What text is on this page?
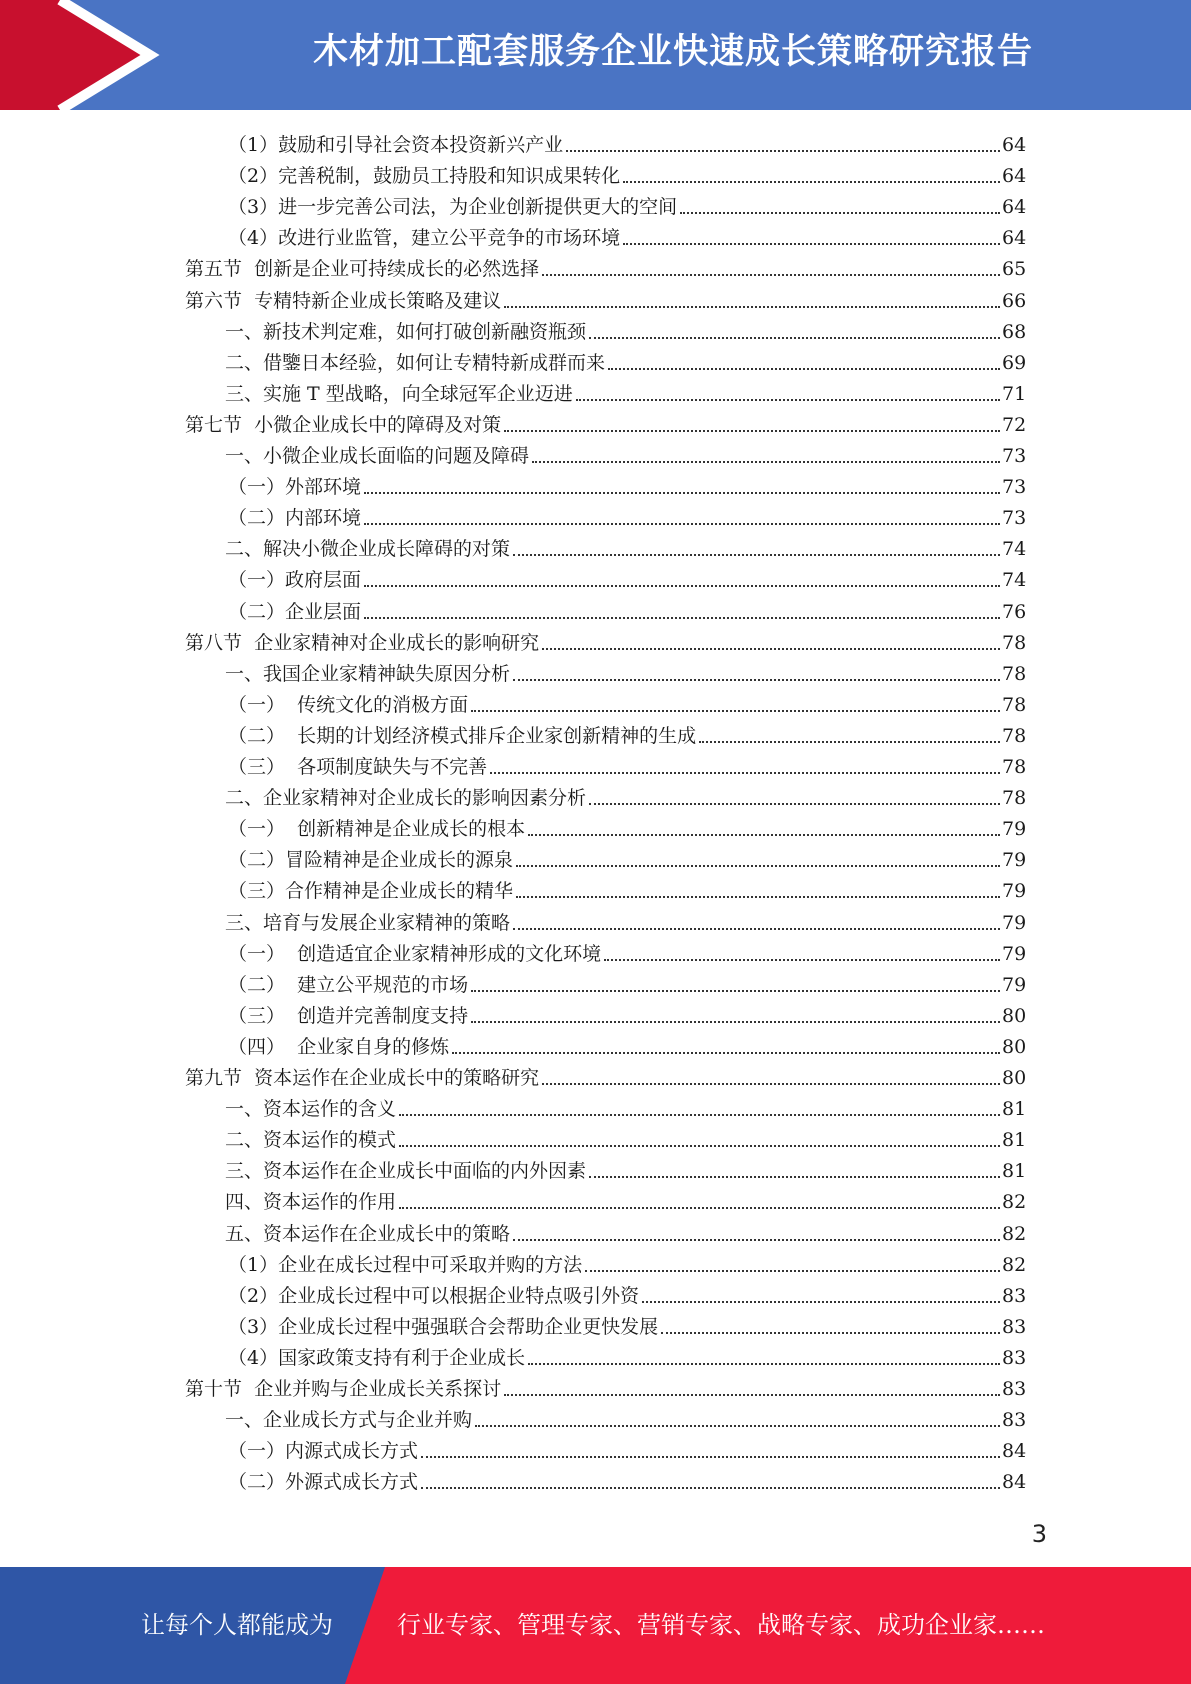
木材加工配套服务企业快速成长策略研究报告
（1）鼓励和引导社会资本投资新兴产业	64
（2）完善税制，鼓励员工持股和知识成果转化	64
（3）进一步完善公司法，为企业创新提供更大的空间	64
（4）改进行业监管，建立公平竞争的市场环境	64
第五节  创新是企业可持续成长的必然选择	65
第六节  专精特新企业成长策略及建议	66
一、新技术判定难，如何打破创新融资瓶颈	68
二、借鑒日本经验，如何让专精特新成群而来	69
三、实施 T 型战略，向全球冠军企业迈进	71
第七节  小微企业成长中的障碍及对策	72
一、小微企业成长面临的问题及障碍	73
（一）外部环境	73
（二）内部环境	73
二、解决小微企业成长障碍的对策	74
（一）政府层面	74
（二）企业层面	76
第八节  企业家精神对企业成长的影响研究	78
一、我国企业家精神缺失原因分析	78
（一）  传统文化的消极方面	78
（二）  长期的计划经济模式排斥企业家创新精神的生成	78
（三）  各项制度缺失与不完善	78
二、企业家精神对企业成长的影响因素分析	78
（一）  创新精神是企业成长的根本	79
（二）冒险精神是企业成长的源泉	79
（三）合作精神是企业成长的精华	79
三、培育与发展企业家精神的策略	79
（一）  创造适宜企业家精神形成的文化环境	79
（二）  建立公平规范的市场	79
（三）  创造并完善制度支持	80
（四）  企业家自身的修炼	80
第九节  资本运作在企业成长中的策略研究	80
一、资本运作的含义	81
二、资本运作的模式	81
三、资本运作在企业成长中面临的内外因素	81
四、资本运作的作用	82
五、资本运作在企业成长中的策略	82
（1）企业在成长过程中可采取并购的方法	82
（2）企业成长过程中可以根据企业特点吸引外资	83
（3）企业成长过程中强强联合会帮助企业更快发展	83
（4）国家政策支持有利于企业成长	83
第十节  企业并购与企业成长关系探讨	83
一、企业成长方式与企业并购	83
（一）内源式成长方式	84
（二）外源式成长方式	84
3
让每个人都能成为	行业专家、管理专家、营销专家、战略专家、成功企业家……
